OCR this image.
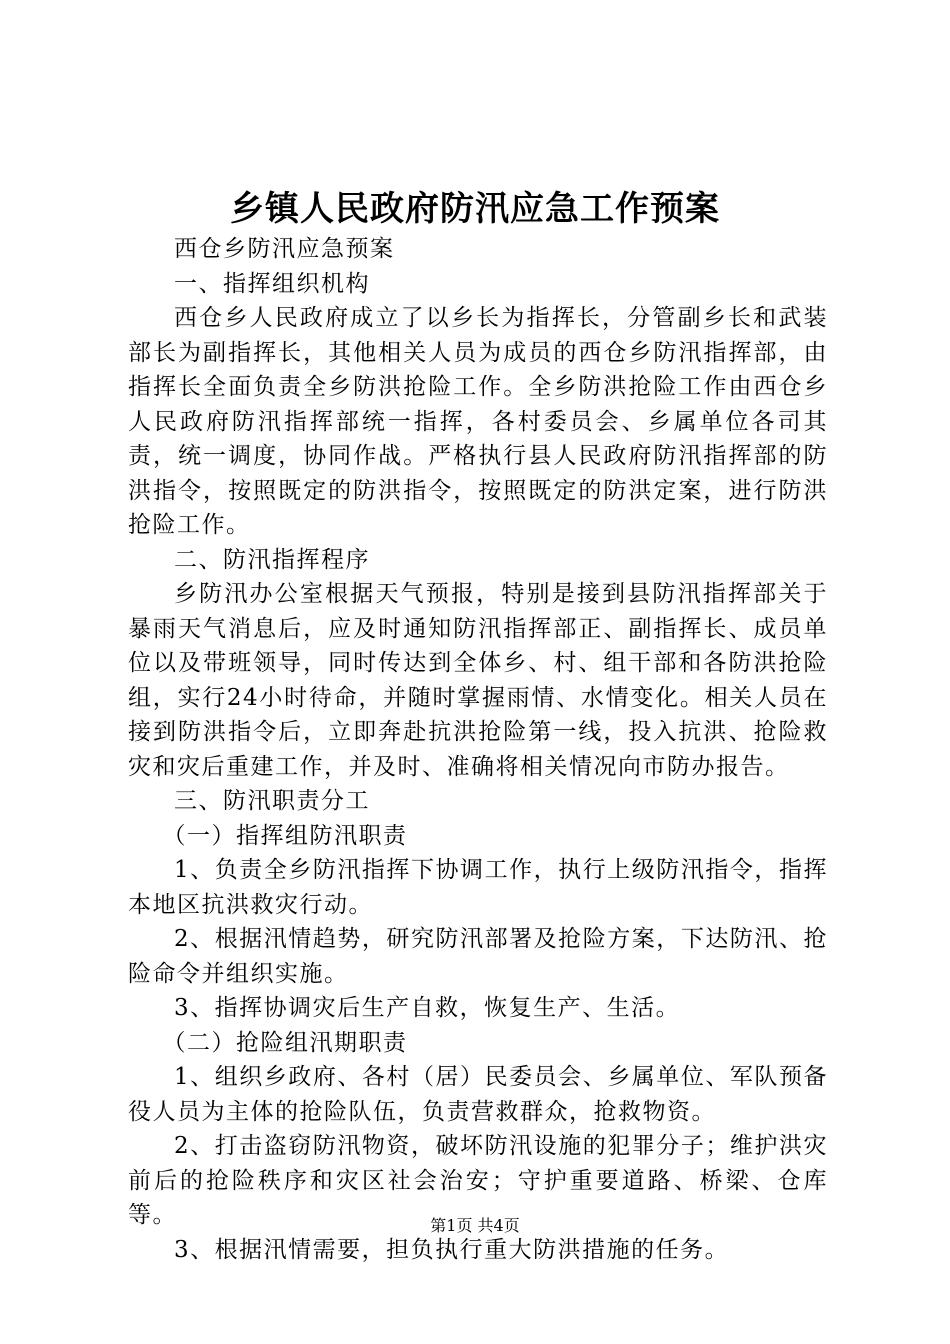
乡镇人民政府防汛应急工作预案

西仓乡防汛应急预案

一、指挥组织机构

西仓乡人民政府成立了以乡长为指挥长，分管副乡长和武装部长为副指挥长，其他相关人员为成员的西仓乡防汛指挥部，由指挥长全面负责全乡防洪抢险工作。全乡防洪抢险工作由西仓乡人民政府防汛指挥部统一指挥，各村委员会、乡属单位各司其责，统一调度，协同作战。严格执行县人民政府防汛指挥部的防洪指令，按照既定的防洪指令，按照既定的防洪定案，进行防洪抢险工作。

二、防汛指挥程序

乡防汛办公室根据天气预报，特别是接到县防汛指挥部关于暴雨天气消息后，应及时通知防汛指挥部正、副指挥长、成员单位以及带班领导，同时传达到全体乡、村、组干部和各防洪抢险组，实行24小时待命，并随时掌握雨情、水情变化。相关人员在接到防洪指令后，立即奔赴抗洪抢险第一线，投入抗洪、抢险救灾和灾后重建工作，并及时、准确将相关情况向市防办报告。

三、防汛职责分工

（一）指挥组防汛职责

1、负责全乡防汛指挥下协调工作，执行上级防汛指令，指挥本地区抗洪救灾行动。

2、根据汛情趋势，研究防汛部署及抢险方案，下达防汛、抢险命令并组织实施。

3、指挥协调灾后生产自救，恢复生产、生活。

（二）抢险组汛期职责

1、组织乡政府、各村（居）民委员会、乡属单位、军队预备役人员为主体的抢险队伍，负责营救群众，抢救物资。

2、打击盗窃防汛物资，破坏防汛设施的犯罪分子；维护洪灾前后的抢险秩序和灾区社会治安；守护重要道路、桥梁、仓库等。

3、根据汛情需要，担负执行重大防洪措施的任务。

第1页 共4页
